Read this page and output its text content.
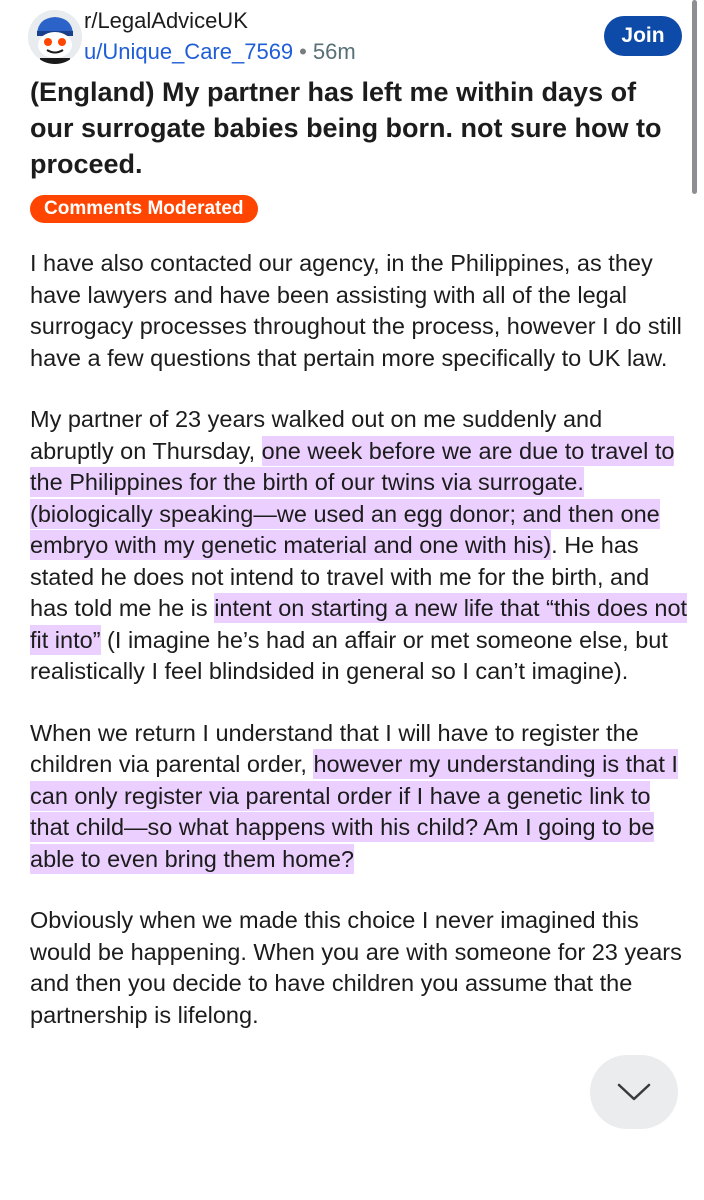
r/LegalAdviceUK
u/Unique_Care_7569 • 56m
Join
(England) My partner has left me within days of our surrogate babies being born. not sure how to proceed.
Comments Moderated

I have also contacted our agency, in the Philippines, as they have lawyers and have been assisting with all of the legal surrogacy processes throughout the process, however I do still have a few questions that pertain more specifically to UK law.

My partner of 23 years walked out on me suddenly and abruptly on Thursday, one week before we are due to travel to the Philippines for the birth of our twins via surrogate. (biologically speaking—we used an egg donor; and then one embryo with my genetic material and one with his). He has stated he does not intend to travel with me for the birth, and has told me he is intent on starting a new life that “this does not fit into” (I imagine he’s had an affair or met someone else, but realistically I feel blindsided in general so I can’t imagine).

When we return I understand that I will have to register the children via parental order, however my understanding is that I can only register via parental order if I have a genetic link to that child—so what happens with his child? Am I going to be able to even bring them home?

Obviously when we made this choice I never imagined this would be happening. When you are with someone for 23 years and then you decide to have children you assume that the partnership is lifelong.
